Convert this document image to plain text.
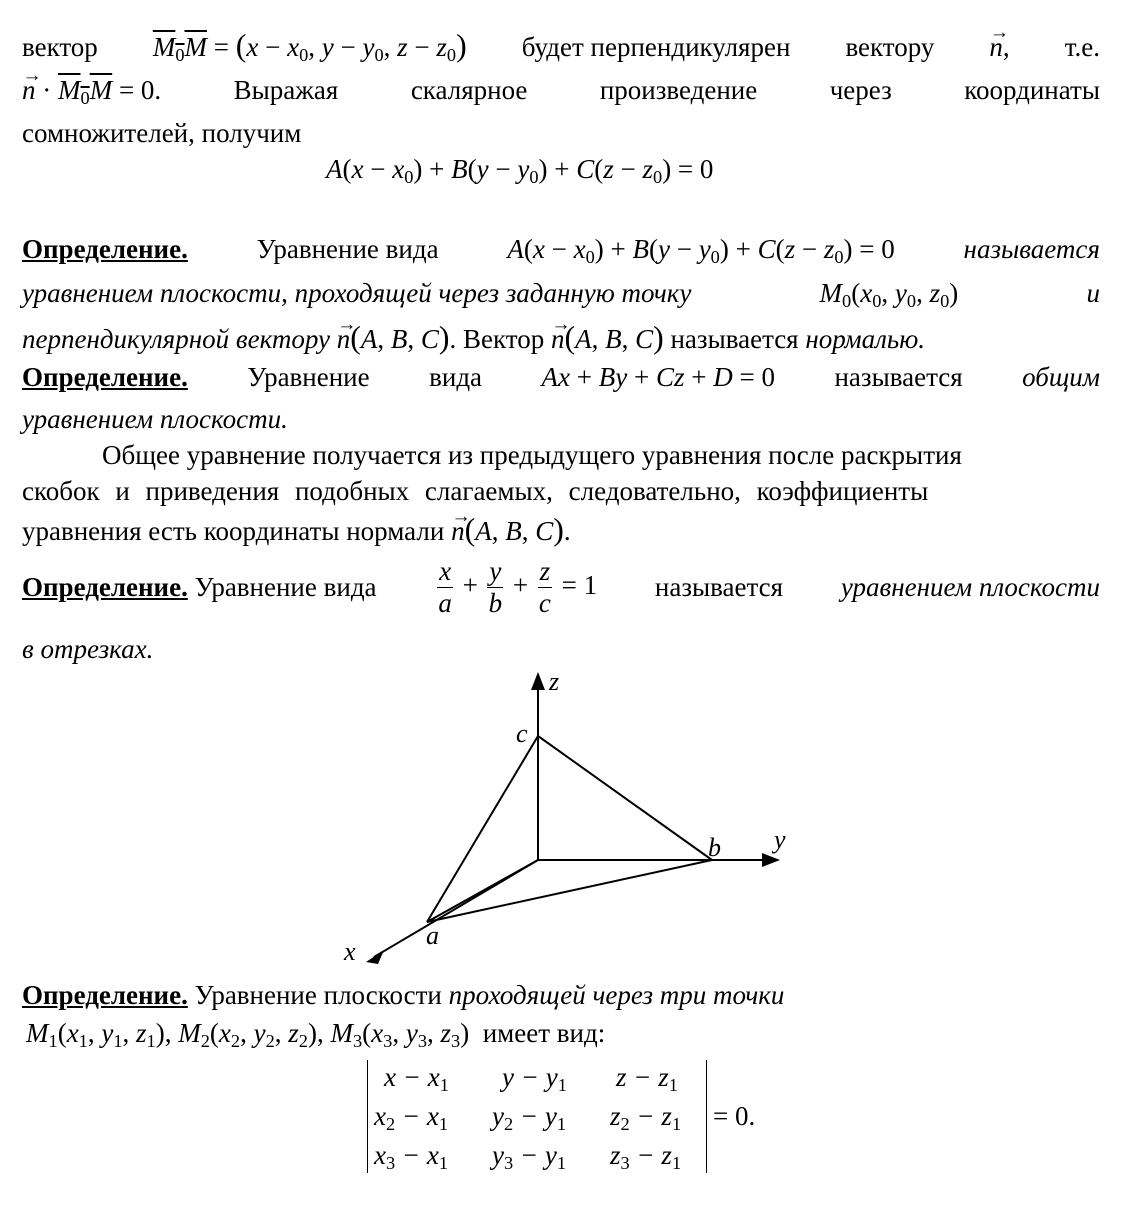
вектор $M_0M = (x - x_0$, $y - y_0$, $z - z_0$) будет перпендикулярен вектору → n, т.е.
→ $n \cdot M_0M = 0$.	Выражая	скалярное	произведение	через	координаты
сомножителей, получим
$A(x - x_0) + B(y - y_0) + C(z - z_0) = 0$
Определение.	Уравнение вида	$A(x - x_0) + B(y - y_0) + C(z - z_0) = 0$	называется
уравнением плоскости, проходящей через заданную точку	$M_0(x_0$, $y_0$, $z_0$)	и
перпендикулярной вектору → n(A, B, C). Вектор → n(A, B, C) называется нормалью.
Определение. Уравнение вида Ax + By + Cz + D = 0 называется общим
уравнением плоскости.
Общее уравнение получается из предыдущего уравнения после раскрытия
скобок и приведения подобных слагаемых, следовательно, коэффициенты
уравнения есть координаты нормали → n(A, B, C).
Определение. Уравнение вида $\frac{x}{a} + \frac{y}{b} + \frac{z}{c} = 1$ называется уравнением плоскости
в отрезках.
z
y
x
a
b
c
Определение. Уравнение плоскости проходящей через три точки
$M_1(x_1$, $y_1$, $z_1$), $M_2(x_2$, $y_2$, $z_2$), $M_3(x_3$, $y_3$, $z_3$) имеет вид:
$x - x_1$	$y - y_1$	$z - z_1$
$x_2 - x_1$	$y_2 - y_1$	$z_2 - z_1$
$x_3 - x_1$	$y_3 - y_1$	$z_3 - z_1$
= 0.
